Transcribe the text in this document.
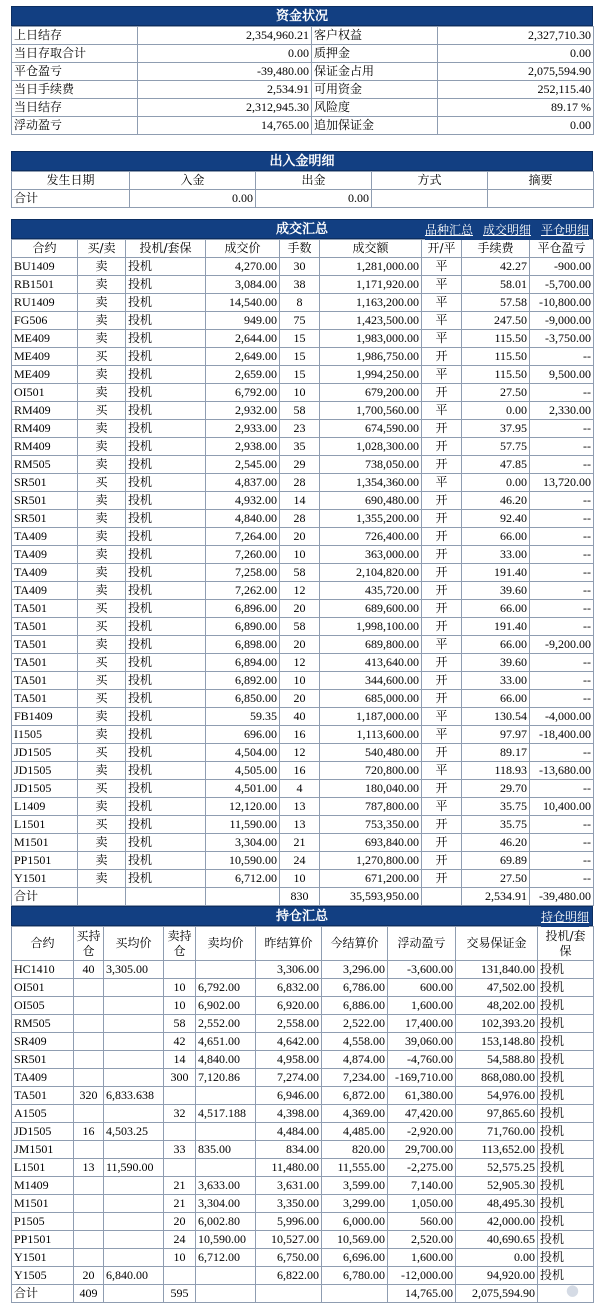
资金状况
上日结存	2,354,960.21	客户权益	2,327,710.30
当日存取合计	0.00	质押金	0.00
平仓盈亏	-39,480.00	保证金占用	2,075,594.90
当日手续费	2,534.91	可用资金	252,115.40
当日结存	2,312,945.30	风险度	89.17 %
浮动盈亏	14,765.00	追加保证金	0.00
出入金明细
发生日期	入金	出金	方式	摘要
合计	0.00	0.00		
成交汇总	品种汇总 成交明细 平仓明细
合约	买/卖	投机/套保	成交价	手数	成交额	开/平	手续费	平仓盈亏
BU1409	卖	投机	4,270.00	30	1,281,000.00	平	42.27	-900.00
RB1501	卖	投机	3,084.00	38	1,171,920.00	平	58.01	-5,700.00
RU1409	卖	投机	14,540.00	8	1,163,200.00	平	57.58	-10,800.00
FG506	卖	投机	949.00	75	1,423,500.00	平	247.50	-9,000.00
ME409	卖	投机	2,644.00	15	1,983,000.00	平	115.50	-3,750.00
ME409	买	投机	2,649.00	15	1,986,750.00	开	115.50	--
ME409	卖	投机	2,659.00	15	1,994,250.00	平	115.50	9,500.00
OI501	卖	投机	6,792.00	10	679,200.00	开	27.50	--
RM409	买	投机	2,932.00	58	1,700,560.00	平	0.00	2,330.00
RM409	卖	投机	2,933.00	23	674,590.00	开	37.95	--
RM409	卖	投机	2,938.00	35	1,028,300.00	开	57.75	--
RM505	卖	投机	2,545.00	29	738,050.00	开	47.85	--
SR501	买	投机	4,837.00	28	1,354,360.00	平	0.00	13,720.00
SR501	卖	投机	4,932.00	14	690,480.00	开	46.20	--
SR501	卖	投机	4,840.00	28	1,355,200.00	开	92.40	--
TA409	卖	投机	7,264.00	20	726,400.00	开	66.00	--
TA409	卖	投机	7,260.00	10	363,000.00	开	33.00	--
TA409	卖	投机	7,258.00	58	2,104,820.00	开	191.40	--
TA409	卖	投机	7,262.00	12	435,720.00	开	39.60	--
TA501	买	投机	6,896.00	20	689,600.00	开	66.00	--
TA501	买	投机	6,890.00	58	1,998,100.00	开	191.40	--
TA501	卖	投机	6,898.00	20	689,800.00	平	66.00	-9,200.00
TA501	买	投机	6,894.00	12	413,640.00	开	39.60	--
TA501	买	投机	6,892.00	10	344,600.00	开	33.00	--
TA501	买	投机	6,850.00	20	685,000.00	开	66.00	--
FB1409	卖	投机	59.35	40	1,187,000.00	平	130.54	-4,000.00
I1505	卖	投机	696.00	16	1,113,600.00	平	97.97	-18,400.00
JD1505	买	投机	4,504.00	12	540,480.00	开	89.17	--
JD1505	卖	投机	4,505.00	16	720,800.00	平	118.93	-13,680.00
JD1505	买	投机	4,501.00	4	180,040.00	开	29.70	--
L1409	卖	投机	12,120.00	13	787,800.00	平	35.75	10,400.00
L1501	买	投机	11,590.00	13	753,350.00	开	35.75	--
M1501	卖	投机	3,304.00	21	693,840.00	开	46.20	--
PP1501	卖	投机	10,590.00	24	1,270,800.00	开	69.89	--
Y1501	卖	投机	6,712.00	10	671,200.00	开	27.50	--
合计				830	35,593,950.00		2,534.91	-39,480.00
持仓汇总	持仓明细
合约	买持仓	买均价	卖持仓	卖均价	昨结算价	今结算价	浮动盈亏	交易保证金	投机/套保
HC1410	40	3,305.00			3,306.00	3,296.00	-3,600.00	131,840.00	投机
OI501			10	6,792.00	6,832.00	6,786.00	600.00	47,502.00	投机
OI505			10	6,902.00	6,920.00	6,886.00	1,600.00	48,202.00	投机
RM505			58	2,552.00	2,558.00	2,522.00	17,400.00	102,393.20	投机
SR409			42	4,651.00	4,642.00	4,558.00	39,060.00	153,148.80	投机
SR501			14	4,840.00	4,958.00	4,874.00	-4,760.00	54,588.80	投机
TA409			300	7,120.86	7,274.00	7,234.00	-169,710.00	868,080.00	投机
TA501	320	6,833.638			6,946.00	6,872.00	61,380.00	54,976.00	投机
A1505			32	4,517.188	4,398.00	4,369.00	47,420.00	97,865.60	投机
JD1505	16	4,503.25			4,484.00	4,485.00	-2,920.00	71,760.00	投机
JM1501			33	835.00	834.00	820.00	29,700.00	113,652.00	投机
L1501	13	11,590.00			11,480.00	11,555.00	-2,275.00	52,575.25	投机
M1409			21	3,633.00	3,631.00	3,599.00	7,140.00	52,905.30	投机
M1501			21	3,304.00	3,350.00	3,299.00	1,050.00	48,495.30	投机
P1505			20	6,002.80	5,996.00	6,000.00	560.00	42,000.00	投机
PP1501			24	10,590.00	10,527.00	10,569.00	2,520.00	40,690.65	投机
Y1501			10	6,712.00	6,750.00	6,696.00	1,600.00	0.00	投机
Y1505	20	6,840.00			6,822.00	6,780.00	-12,000.00	94,920.00	投机
合计	409		595				14,765.00	2,075,594.90	●
